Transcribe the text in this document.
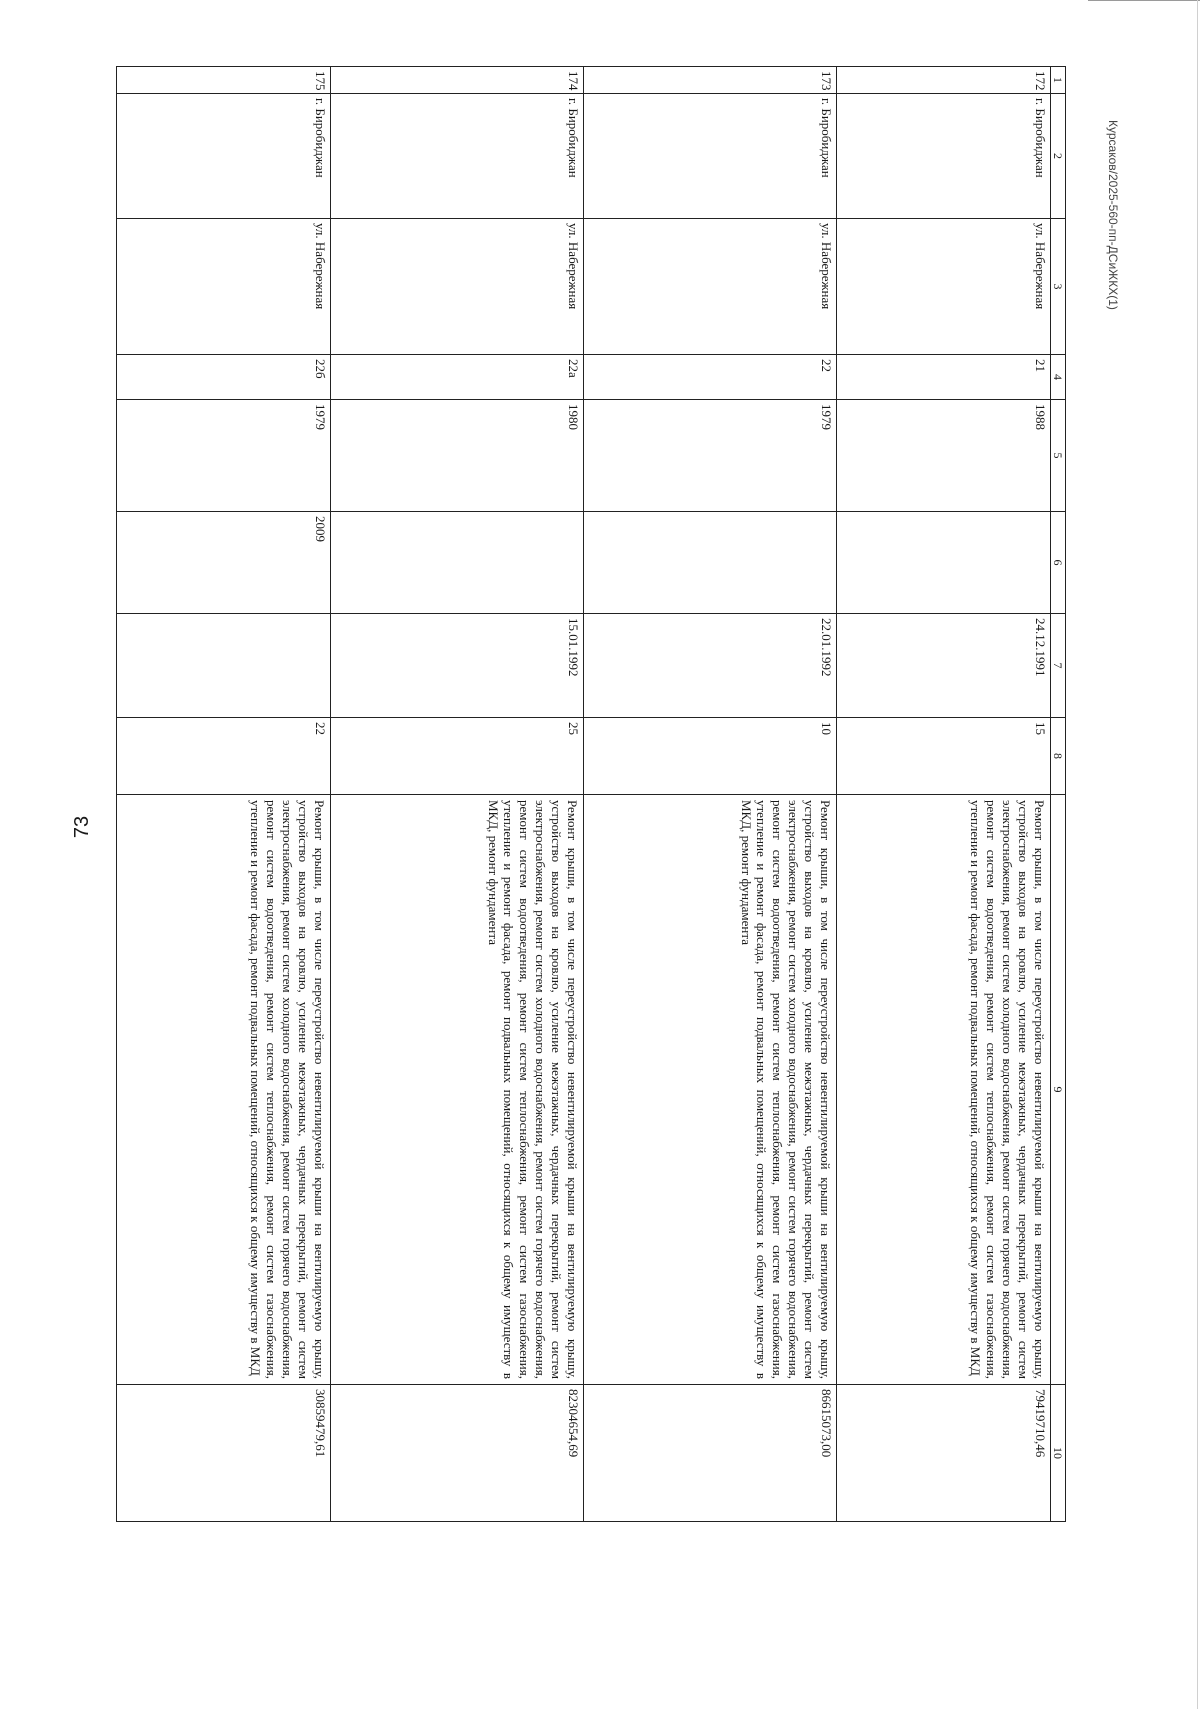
73
Курсаков/2025-560-пп-ДСиЖКХ(1)
1	2	3	4	5	6	7	8	9	10
172	г. Биробиджан	ул. Набережная	21	1988		24.12.1991	15	Ремонт крыши, в том числе переустройство невентилируемой крыши на вентилируемую крышу, устройство выходов на кровлю, усиление межэтажных, чердачных перекрытий, ремонт систем электроснабжения, ремонт систем холодного водоснабжения, ремонт систем горячего водоснабжения, ремонт систем водоотведения, ремонт систем теплоснабжения, ремонт систем газоснабжения, утепление и ремонт фасада, ремонт подвальных помещений, относящихся к общему имуществу в МКД	79419710,46
173	г. Биробиджан	ул. Набережная	22	1979		22.01.1992	10	Ремонт крыши, в том числе переустройство невентилируемой крыши на вентилируемую крышу, устройство выходов на кровлю, усиление межэтажных, чердачных перекрытий, ремонт систем электроснабжения, ремонт систем холодного водоснабжения, ремонт систем горячего водоснабжения, ремонт систем водоотведения, ремонт систем теплоснабжения, ремонт систем газоснабжения, утепление и ремонт фасада, ремонт подвальных помещений, относящихся к общему имуществу в МКД, ремонт фундамента	86615073,00
174	г. Биробиджан	ул. Набережная	22а	1980		15.01.1992	25	Ремонт крыши, в том числе переустройство невентилируемой крыши на вентилируемую крышу, устройство выходов на кровлю, усиление межэтажных, чердачных перекрытий, ремонт систем электроснабжения, ремонт систем холодного водоснабжения, ремонт систем горячего водоснабжения, ремонт систем водоотведения, ремонт систем теплоснабжения, ремонт систем газоснабжения, утепление и ремонт фасада, ремонт подвальных помещений, относящихся к общему имуществу в МКД, ремонт фундамента	82304654,69
175	г. Биробиджан	ул. Набережная	22б	1979	2009		22	Ремонт крыши, в том числе переустройство невентилируемой крыши на вентилируемую крышу, устройство выходов на кровлю, усиление межэтажных, чердачных перекрытий, ремонт систем электроснабжения, ремонт систем холодного водоснабжения, ремонт систем горячего водоснабжения, ремонт систем водоотведения, ремонт систем теплоснабжения, ремонт систем газоснабжения, утепление и ремонт фасада, ремонт подвальных помещений, относящихся к общему имуществу в МКД	30859479,61
